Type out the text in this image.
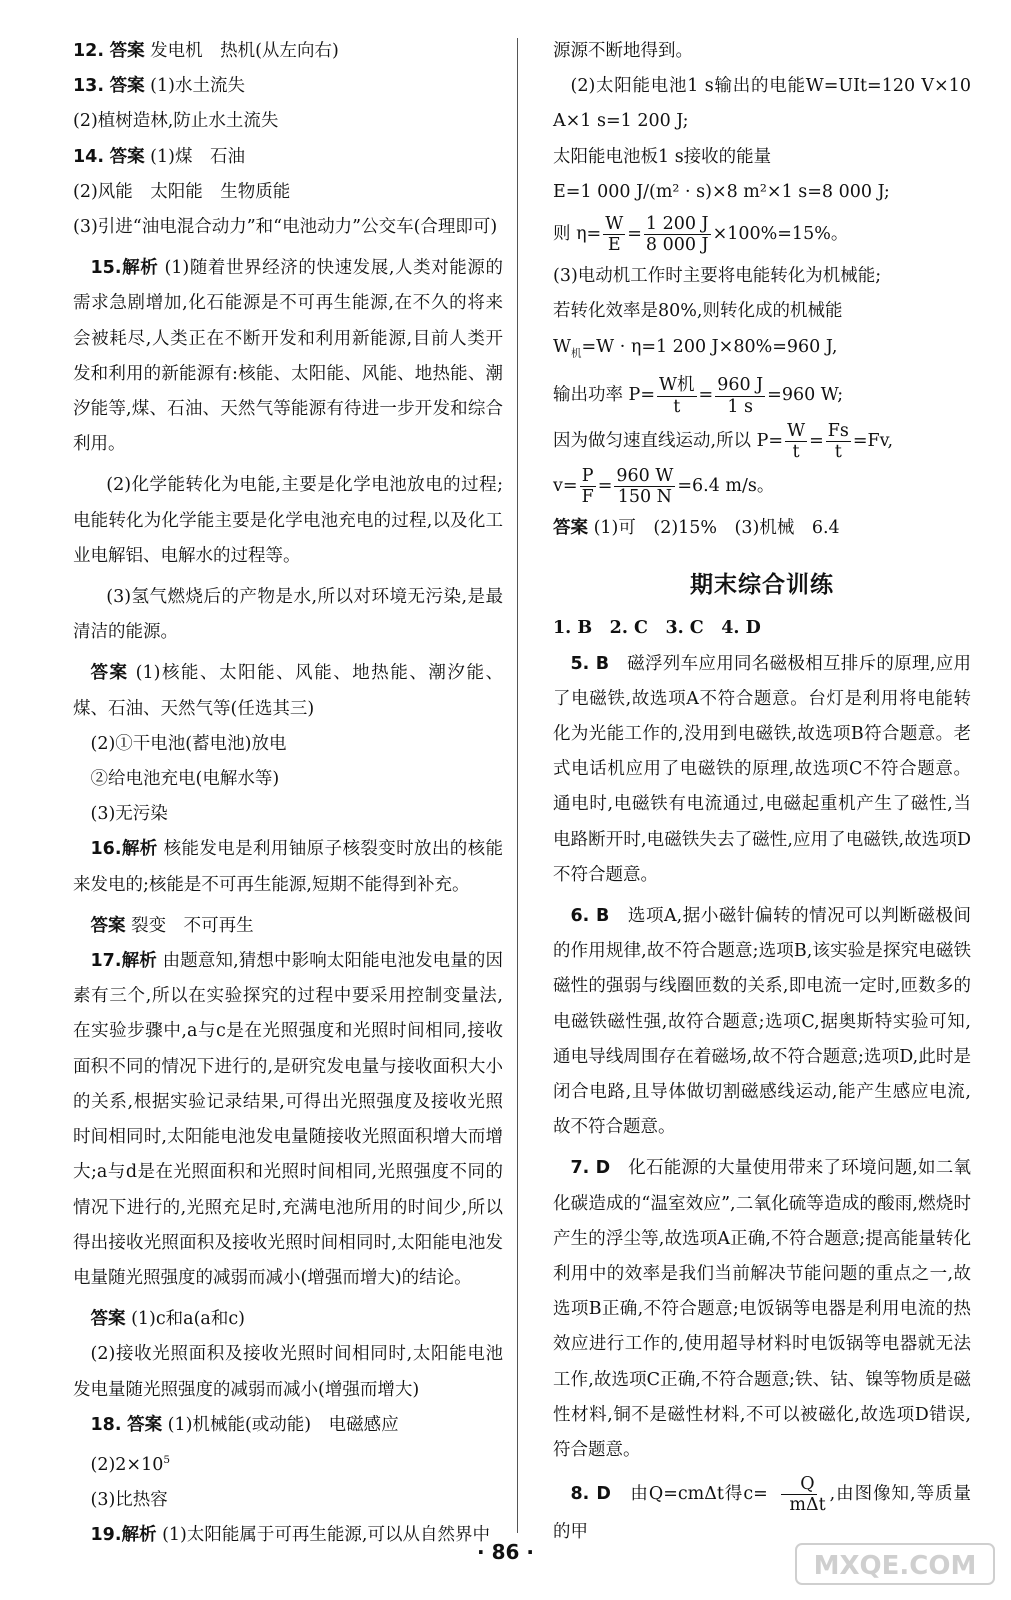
12. 答案 发电机　热机(从左向右)

13. 答案 (1)水土流失

(2)植树造林,防止水土流失

14. 答案 (1)煤　石油

(2)风能　太阳能　生物质能

(3)引进“油电混合动力”和“电池动力”公交车(合理即可)

15.解析 (1)随着世界经济的快速发展,人类对能源的需求急剧增加,化石能源是不可再生能源,在不久的将来会被耗尽,人类正在不断开发和利用新能源,目前人类开发和利用的新能源有:核能、太阳能、风能、地热能、潮汐能等,煤、石油、天然气等能源有待进一步开发和综合利用。

(2)化学能转化为电能,主要是化学电池放电的过程;电能转化为化学能主要是化学电池充电的过程,以及化工业电解铝、电解水的过程等。

(3)氢气燃烧后的产物是水,所以对环境无污染,是最清洁的能源。

答案 (1)核能、太阳能、风能、地热能、潮汐能、煤、石油、天然气等(任选其三)

(2)①干电池(蓄电池)放电

②给电池充电(电解水等)

(3)无污染

16.解析 核能发电是利用铀原子核裂变时放出的核能来发电的;核能是不可再生能源,短期不能得到补充。

答案 裂变　不可再生

17.解析 由题意知,猜想中影响太阳能电池发电量的因素有三个,所以在实验探究的过程中要采用控制变量法,在实验步骤中,a与c是在光照强度和光照时间相同,接收面积不同的情况下进行的,是研究发电量与接收面积大小的关系,根据实验记录结果,可得出光照强度及接收光照时间相同时,太阳能电池发电量随接收光照面积增大而增大;a与d是在光照面积和光照时间相同,光照强度不同的情况下进行的,光照充足时,充满电池所用的时间少,所以得出接收光照面积及接收光照时间相同时,太阳能电池发电量随光照强度的减弱而减小(增强而增大)的结论。

答案 (1)c和a(a和c)

(2)接收光照面积及接收光照时间相同时,太阳能电池发电量随光照强度的减弱而减小(增强而增大)

18. 答案 (1)机械能(或动能)　电磁感应

$(2)2\times 10^5$

(3)比热容

19.解析 (1)太阳能属于可再生能源,可以从自然界中

源源不断地得到。

(2)太阳能电池1 s输出的电能W=UIt=120 V×10 A×1 s=1 200 J;

太阳能电池板1 s接收的能量

E=1 000 J/(m² · s)×8 m²×1 s=8 000 J;

则 $\eta= \frac{W}{E} = \frac{1 200 J}{8 000 J} \times 100\%=15\%$。

(3)电动机工作时主要将电能转化为机械能;

若转化效率是80%,则转化成的机械能

$W_机=W \cdot \eta=1$ 200 J×80%=960 J,

输出功率 $P= \frac{\text{W机}}{t} = \frac{960 J}{1 s} =960$ W;

因为做匀速直线运动,所以 $P= \frac{W}{t} = \frac{Fs}{t} =Fv$,

$v= \frac{P}{F} = \frac{960 W}{150 N} =6.4$ m/s。

答案 (1)可　(2)15%　(3)机械　6.4

期末综合训练

1. B　2. C　3. C　4. D

5. B　 磁浮列车应用同名磁极相互排斥的原理,应用了电磁铁,故选项A不符合题意。台灯是利用将电能转化为光能工作的,没用到电磁铁,故选项B符合题意。老式电话机应用了电磁铁的原理,故选项C不符合题意。通电时,电磁铁有电流通过,电磁起重机产生了磁性,当电路断开时,电磁铁失去了磁性,应用了电磁铁,故选项D不符合题意。

6. B　 选项A,据小磁针偏转的情况可以判断磁极间的作用规律,故不符合题意;选项B,该实验是探究电磁铁磁性的强弱与线圈匝数的关系,即电流一定时,匝数多的电磁铁磁性强,故符合题意;选项C,据奥斯特实验可知,通电导线周围存在着磁场,故不符合题意;选项D,此时是闭合电路,且导体做切割磁感线运动,能产生感应电流,故不符合题意。

7. D　 化石能源的大量使用带来了环境问题,如二氧化碳造成的“温室效应”,二氧化硫等造成的酸雨,燃烧时产生的浮尘等,故选项A正确,不符合题意;提高能量转化利用中的效率是我们当前解决节能问题的重点之一,故选项B正确,不符合题意;电饭锅等电器是利用电流的热效应进行工作的,使用超导材料时电饭锅等电器就无法工作,故选项C正确,不符合题意;铁、钴、镍等物质是磁性材料,铜不是磁性材料,不可以被磁化,故选项D错误,符合题意。

8. D　 由Q=cmΔt得$c= \frac{Q}{\text{mΔt}}$ ,由图像知,等质量的甲

· 86 ·	MXQE.COM
